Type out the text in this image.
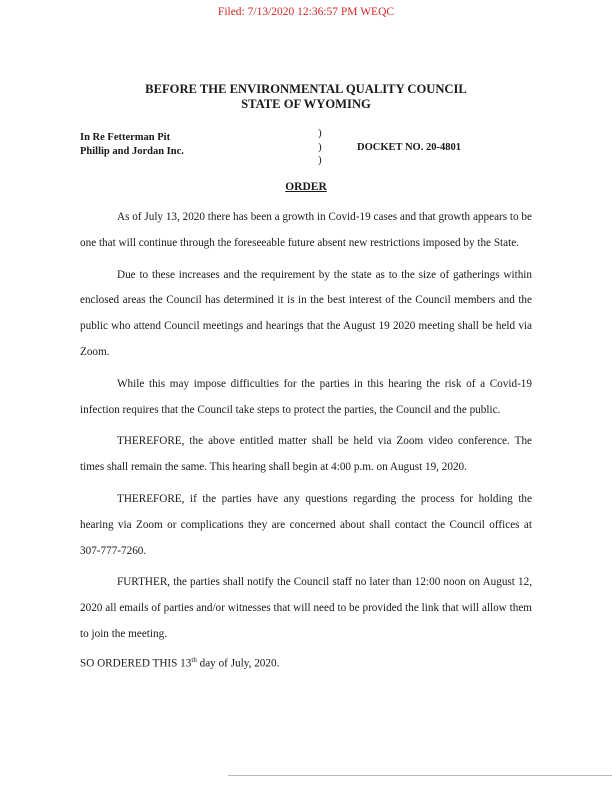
Filed: 7/13/2020 12:36:57 PM WEQC
BEFORE THE ENVIRONMENTAL QUALITY COUNCIL
STATE OF WYOMING
In Re Fetterman Pit
Phillip and Jordan Inc.
)
)
)
DOCKET NO. 20-4801
ORDER

As of July 13, 2020 there has been a growth in Covid-19 cases and that growth appears to be one that will continue through the foreseeable future absent new restrictions imposed by the State.

Due to these increases and the requirement by the state as to the size of gatherings within enclosed areas the Council has determined it is in the best interest of the Council members and the public who attend Council meetings and hearings that the August 19 2020 meeting shall be held via Zoom.

While this may impose difficulties for the parties in this hearing the risk of a Covid-19 infection requires that the Council take steps to protect the parties, the Council and the public.

THEREFORE, the above entitled matter shall be held via Zoom video conference. The times shall remain the same. This hearing shall begin at 4:00 p.m. on August 19, 2020.

THEREFORE, if the parties have any questions regarding the process for holding the hearing via Zoom or complications they are concerned about shall contact the Council offices at 307-777-7260.

FURTHER, the parties shall notify the Council staff no later than 12:00 noon on August 12, 2020 all emails of parties and/or witnesses that will need to be provided the link that will allow them to join the meeting.

SO ORDERED THIS 13th day of July, 2020.
